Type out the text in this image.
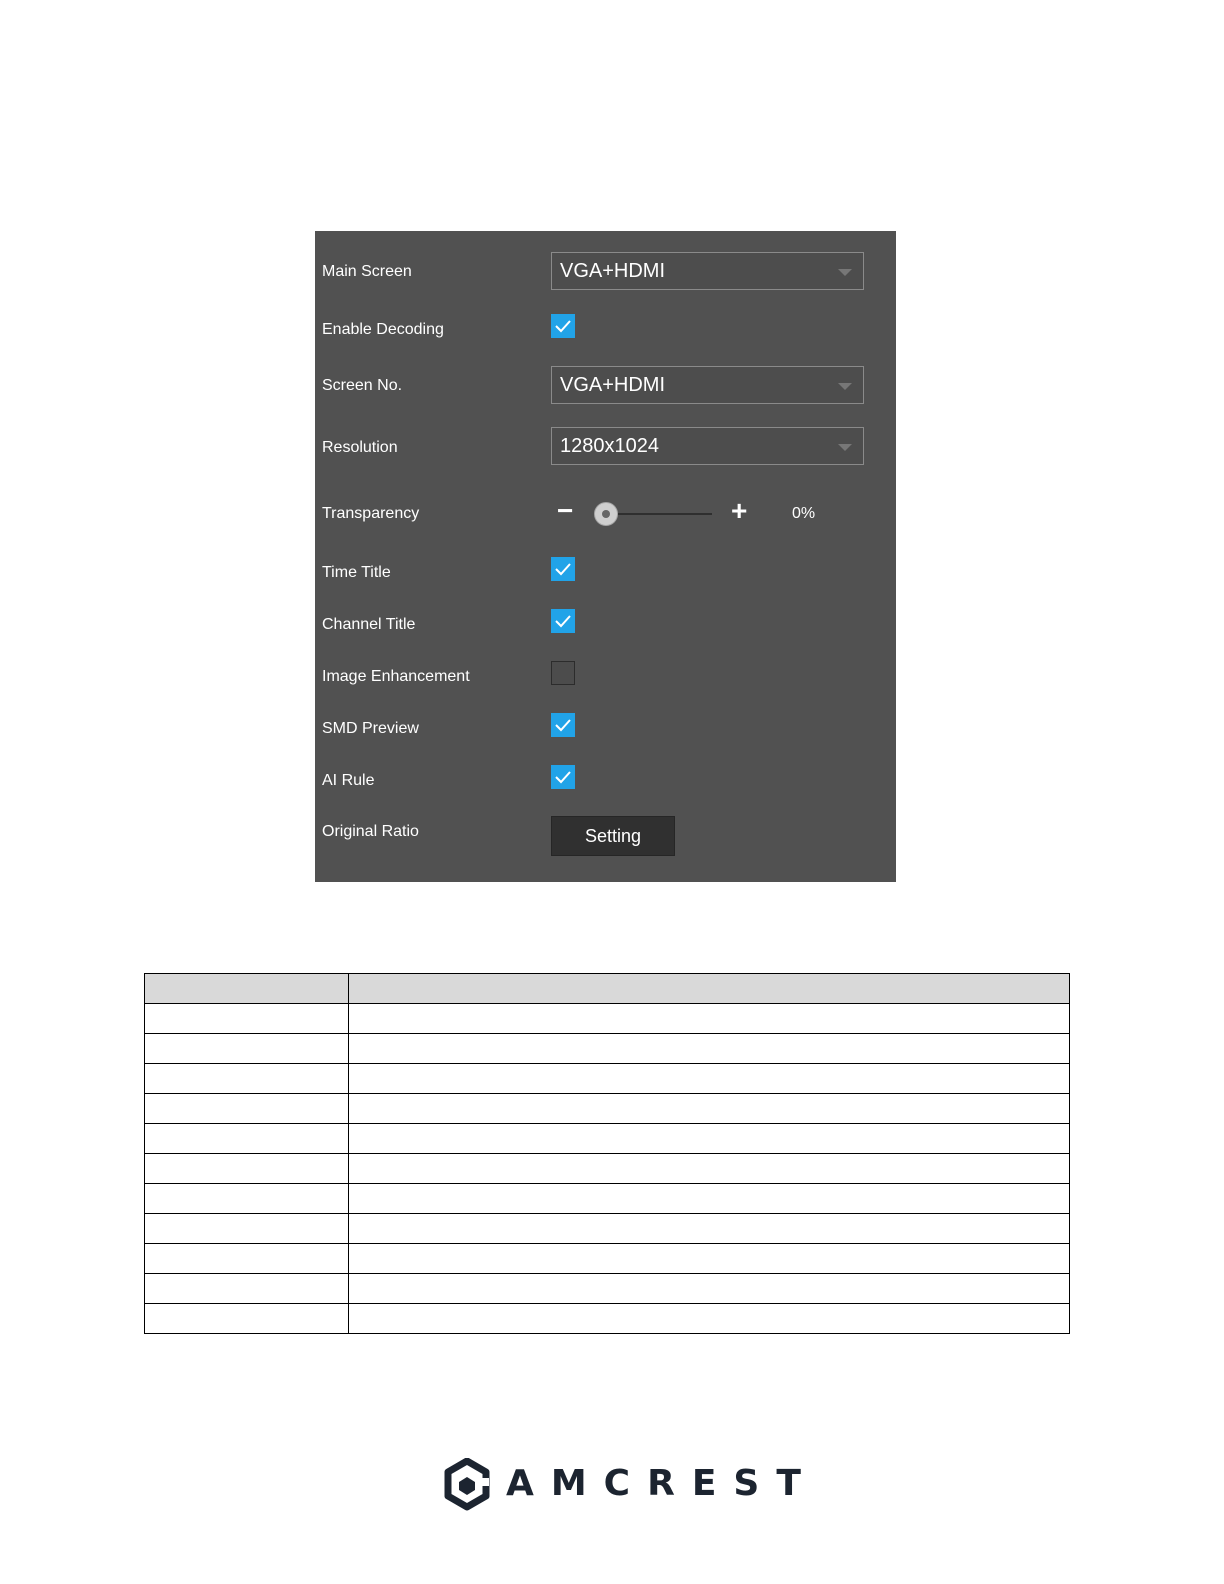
Main Screen	VGA+HDMI
Enable Decoding
Screen No.	VGA+HDMI
Resolution	1280x1024
Transparency	−	+	0%
Time Title
Channel Title
Image Enhancement
SMD Preview
AI Rule
Original Ratio	Setting

AMCREST
